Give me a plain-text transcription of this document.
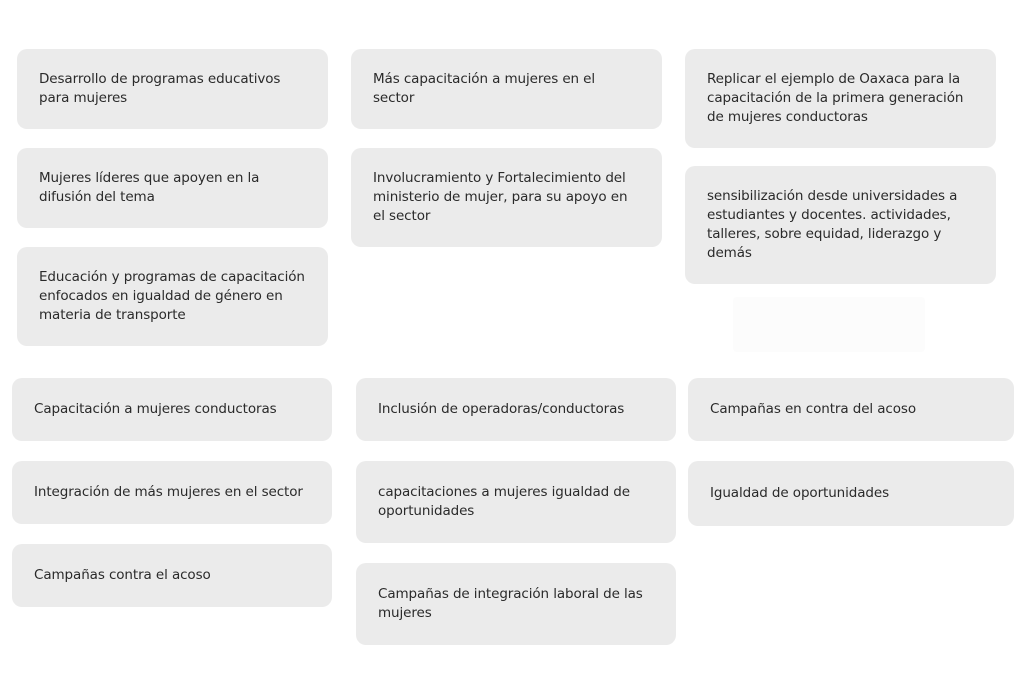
Desarrollo de programas educativos para mujeres
Más capacitación a mujeres en el sector
Replicar el ejemplo de Oaxaca para la capacitación de la primera generación de mujeres conductoras
Mujeres líderes que apoyen en la difusión del tema
Involucramiento y Fortalecimiento del ministerio de mujer, para su apoyo en el sector
sensibilización desde universidades a estudiantes y docentes. actividades, talleres, sobre equidad, liderazgo y demás
Educación y programas de capacitación enfocados en igualdad de género en materia de transporte
Capacitación a mujeres conductoras	Inclusión de operadoras/conductoras	Campañas en contra del acoso
Integración de más mujeres en el sector	capacitaciones a mujeres igualdad de oportunidades
Igualdad de oportunidades
Campañas contra el acoso
Campañas de integración laboral de las mujeres
